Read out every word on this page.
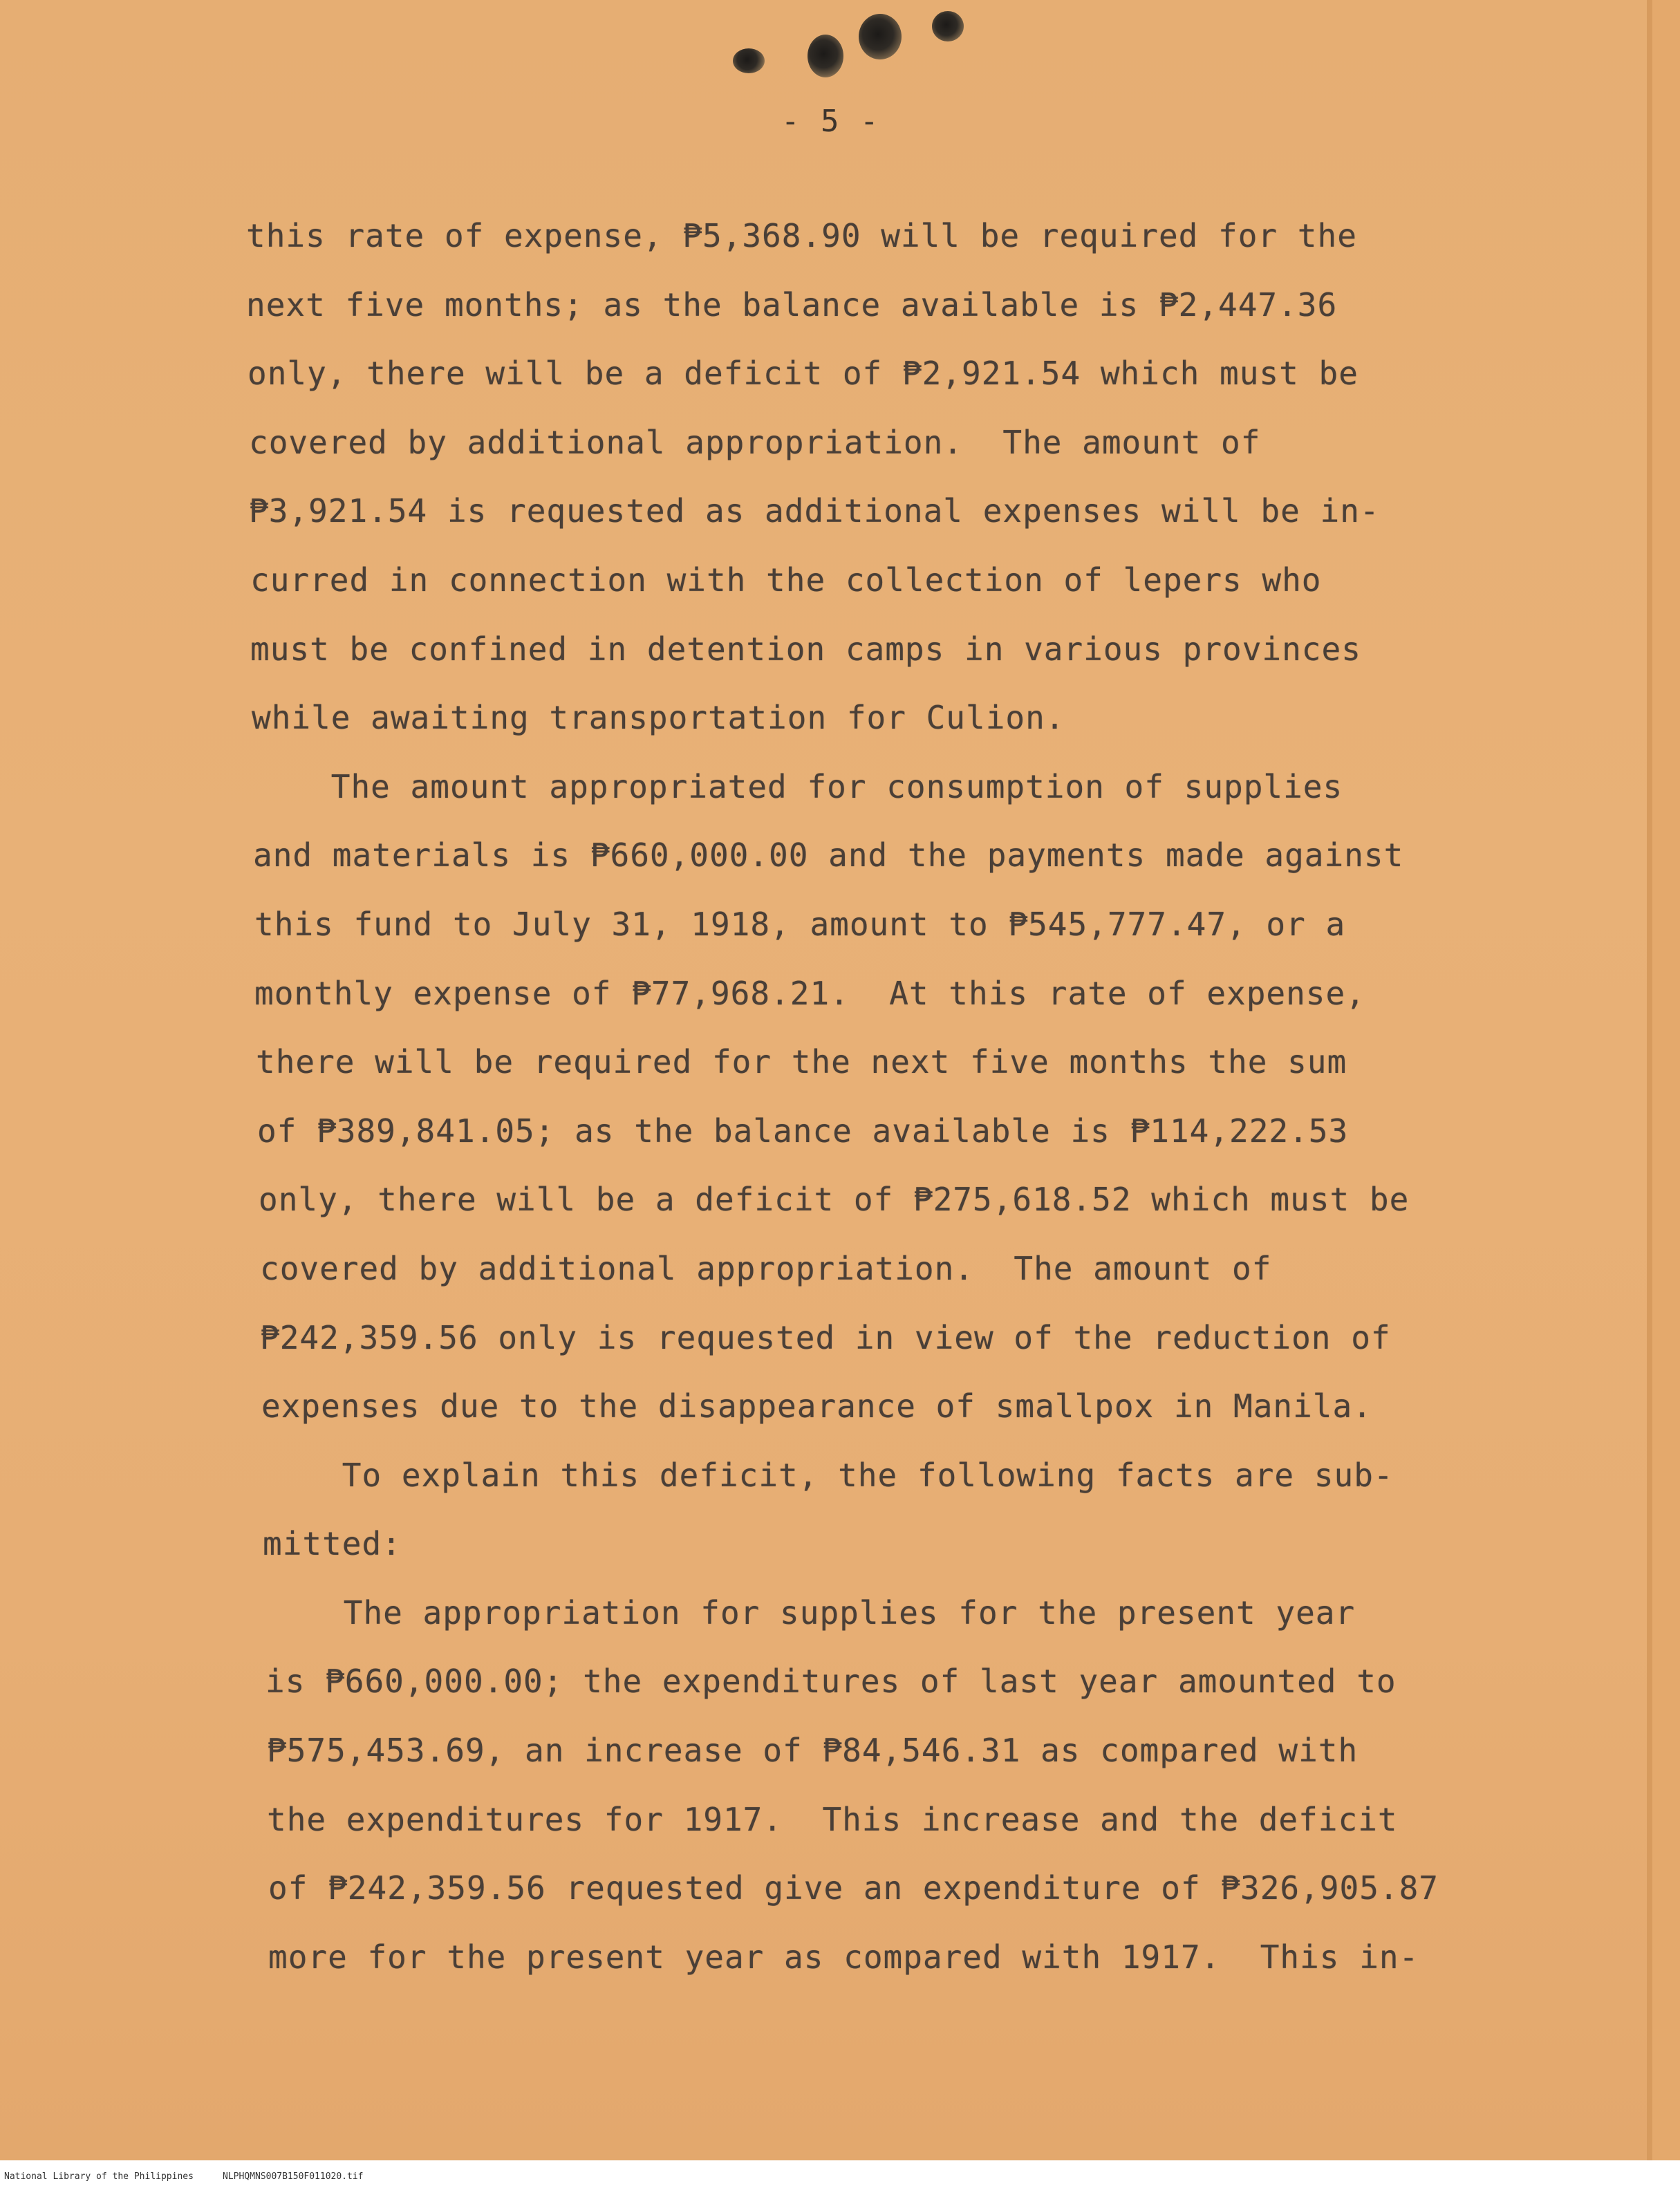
- 5 -
this rate of expense, ₱5,368.90 will be required for the
next five months; as the balance available is ₱2,447.36
only, there will be a deficit of ₱2,921.54 which must be
covered by additional appropriation.  The amount of
₱3,921.54 is requested as additional expenses will be in-
curred in connection with the collection of lepers who
must be confined in detention camps in various provinces
while awaiting transportation for Culion.
The amount appropriated for consumption of supplies
and materials is ₱660,000.00 and the payments made against
this fund to July 31, 1918, amount to ₱545,777.47, or a
monthly expense of ₱77,968.21.  At this rate of expense,
there will be required for the next five months the sum
of ₱389,841.05; as the balance available is ₱114,222.53
only, there will be a deficit of ₱275,618.52 which must be
covered by additional appropriation.  The amount of
₱242,359.56 only is requested in view of the reduction of
expenses due to the disappearance of smallpox in Manila.
To explain this deficit, the following facts are sub-
mitted:
The appropriation for supplies for the present year
is ₱660,000.00; the expenditures of last year amounted to
₱575,453.69, an increase of ₱84,546.31 as compared with
the expenditures for 1917.  This increase and the deficit
of ₱242,359.56 requested give an expenditure of ₱326,905.87
more for the present year as compared with 1917.  This in-
National Library of the Philippines	NLPHQMNS007B150F011020.tif
